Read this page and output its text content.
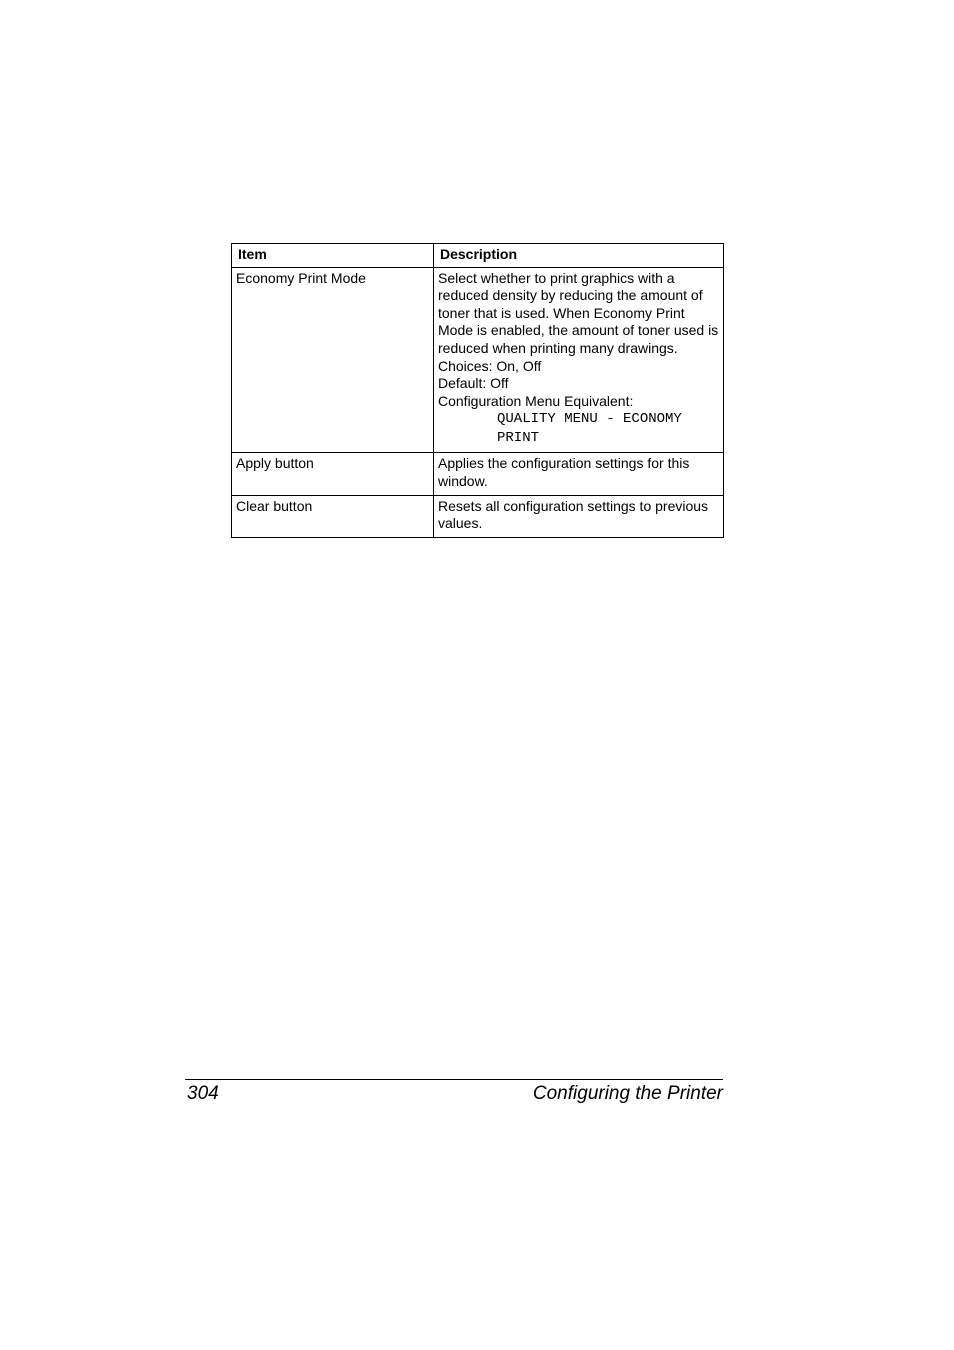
Item	Description
Economy Print Mode	Select whether to print graphics with a reduced density by reducing the amount of toner that is used. When Economy Print Mode is enabled, the amount of toner used is reduced when printing many drawings.
Choices: On, Off
Default: Off
Configuration Menu Equivalent:
QUALITY MENU - ECONOMY PRINT

Apply button	Applies the configuration settings for this window.
Clear button	Resets all configuration settings to previous values.
304	Configuring the Printer
